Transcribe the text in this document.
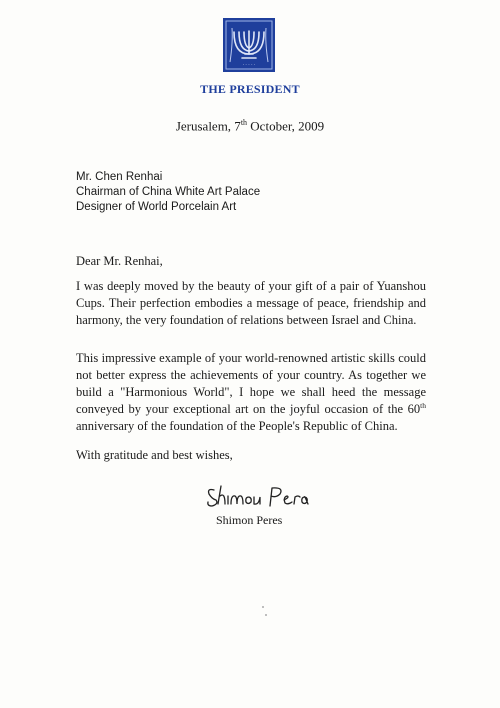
· · · · ·
THE PRESIDENT
Jerusalem, 7th October, 2009
Mr. Chen Renhai
Chairman of China White Art Palace
Designer of World Porcelain Art
Dear Mr. Renhai,
I was deeply moved by the beauty of your gift of a pair of Yuanshou Cups. Their perfection embodies a message of peace, friendship and harmony, the very foundation of relations between Israel and China.
This impressive example of your world-renowned artistic skills could not better express the achievements of your country. As together we build a "Harmonious World", I hope we shall heed the message conveyed by your exceptional art on the joyful occasion of the 60th anniversary of the foundation of the People's Republic of China.
With gratitude and best wishes,
Shimon Peres
